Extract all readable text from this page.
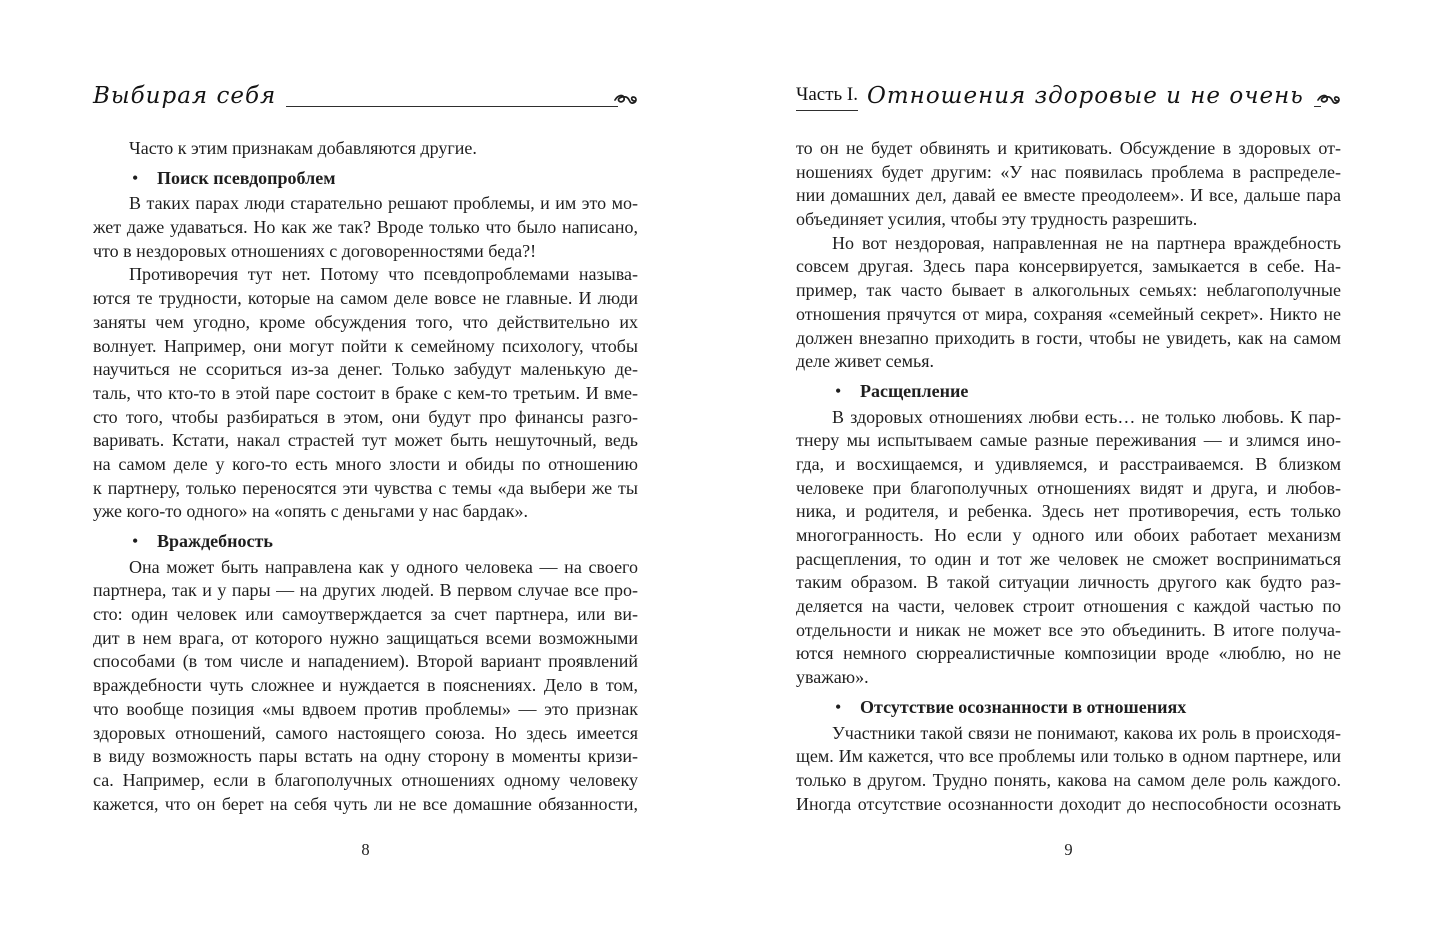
Выбирая себя
Часто к этим признакам добавляются другие.
• Поиск псевдопроблем
В таких парах люди старательно решают проблемы, и им это мо-
жет даже удаваться. Но как же так? Вроде только что было написано,
что в нездоровых отношениях с договоренностями беда?!
Противоречия тут нет. Потому что псевдопроблемами называ-
ются те трудности, которые на самом деле вовсе не главные. И люди
заняты чем угодно, кроме обсуждения того, что действительно их
волнует. Например, они могут пойти к семейному психологу, чтобы
научиться не ссориться из-за денег. Только забудут маленькую де-
таль, что кто-то в этой паре состоит в браке с кем-то третьим. И вме-
сто того, чтобы разбираться в этом, они будут про финансы разго-
варивать. Кстати, накал страстей тут может быть нешуточный, ведь
на самом деле у кого-то есть много злости и обиды по отношению
к партнеру, только переносятся эти чувства с темы «да выбери же ты
уже кого-то одного» на «опять с деньгами у нас бардак».
• Враждебность
Она может быть направлена как у одного человека — на своего
партнера, так и у пары — на других людей. В первом случае все про-
сто: один человек или самоутверждается за счет партнера, или ви-
дит в нем врага, от которого нужно защищаться всеми возможными
способами (в том числе и нападением). Второй вариант проявлений
враждебности чуть сложнее и нуждается в пояснениях. Дело в том,
что вообще позиция «мы вдвоем против проблемы» — это признак
здоровых отношений, самого настоящего союза. Но здесь имеется
в виду возможность пары встать на одну сторону в моменты кризи-
са. Например, если в благополучных отношениях одному человеку
кажется, что он берет на себя чуть ли не все домашние обязанности,
8
Часть I. Отношения здоровые и не очень
то он не будет обвинять и критиковать. Обсуждение в здоровых от-
ношениях будет другим: «У нас появилась проблема в распределе-
нии домашних дел, давай ее вместе преодолеем». И все, дальше пара
объединяет усилия, чтобы эту трудность разрешить.
Но вот нездоровая, направленная не на партнера враждебность
совсем другая. Здесь пара консервируется, замыкается в себе. На-
пример, так часто бывает в алкогольных семьях: неблагополучные
отношения прячутся от мира, сохраняя «семейный секрет». Никто не
должен внезапно приходить в гости, чтобы не увидеть, как на самом
деле живет семья.
• Расщепление
В здоровых отношениях любви есть… не только любовь. К пар-
тнеру мы испытываем самые разные переживания — и злимся ино-
гда, и восхищаемся, и удивляемся, и расстраиваемся. В близком
человеке при благополучных отношениях видят и друга, и любов-
ника, и родителя, и ребенка. Здесь нет противоречия, есть только
многогранность. Но если у одного или обоих работает механизм
расщепления, то один и тот же человек не сможет восприниматься
таким образом. В такой ситуации личность другого как будто раз-
деляется на части, человек строит отношения с каждой частью по
отдельности и никак не может все это объединить. В итоге получа-
ются немного сюрреалистичные композиции вроде «люблю, но не
уважаю».
• Отсутствие осознанности в отношениях
Участники такой связи не понимают, какова их роль в происходя-
щем. Им кажется, что все проблемы или только в одном партнере, или
только в другом. Трудно понять, какова на самом деле роль каждого.
Иногда отсутствие осознанности доходит до неспособности осознать
9
